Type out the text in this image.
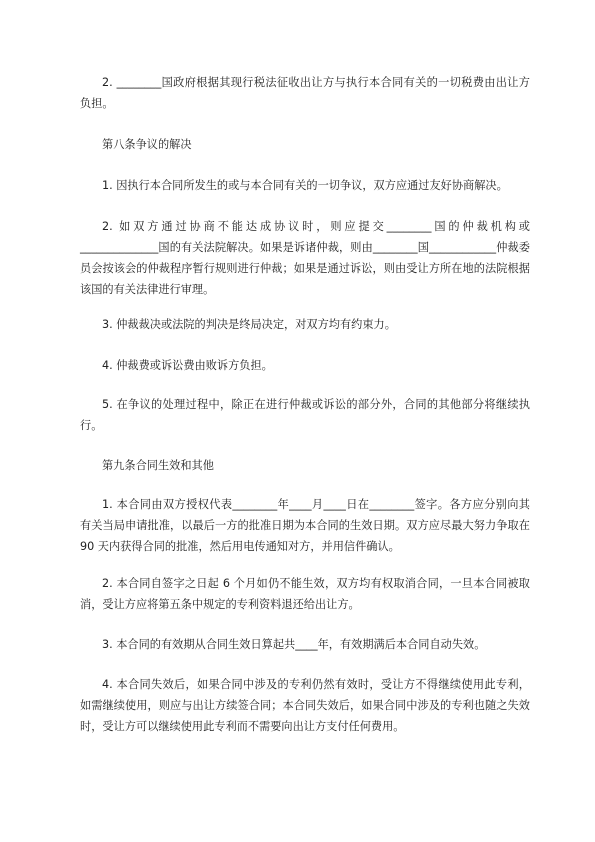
2. ________国政府根据其现行税法征收出让方与执行本合同有关的一切税费由出让方负担。

第八条争议的解决

1. 因执行本合同所发生的或与本合同有关的一切争议，双方应通过友好协商解决。

2. 如双方通过协商不能达成协议时，则应提交________国的仲裁机构或______________国的有关法院解决。如果是诉诸仲裁，则由________国____________仲裁委员会按该会的仲裁程序暂行规则进行仲裁；如果是通过诉讼，则由受让方所在地的法院根据该国的有关法律进行审理。

3. 仲裁裁决或法院的判决是终局决定，对双方均有约束力。

4. 仲裁费或诉讼费由败诉方负担。

5. 在争议的处理过程中，除正在进行仲裁或诉讼的部分外，合同的其他部分将继续执行。

第九条合同生效和其他

1. 本合同由双方授权代表________年____月____日在________签字。各方应分别向其有关当局申请批准，以最后一方的批准日期为本合同的生效日期。双方应尽最大努力争取在 90 天内获得合同的批准，然后用电传通知对方，并用信件确认。

2. 本合同自签字之日起 6 个月如仍不能生效，双方均有权取消合同，一旦本合同被取消，受让方应将第五条中规定的专利资料退还给出让方。

3. 本合同的有效期从合同生效日算起共____年，有效期满后本合同自动失效。

4. 本合同失效后，如果合同中涉及的专利仍然有效时，受让方不得继续使用此专利，如需继续使用，则应与出让方续签合同；本合同失效后，如果合同中涉及的专利也随之失效时，受让方可以继续使用此专利而不需要向出让方支付任何费用。
